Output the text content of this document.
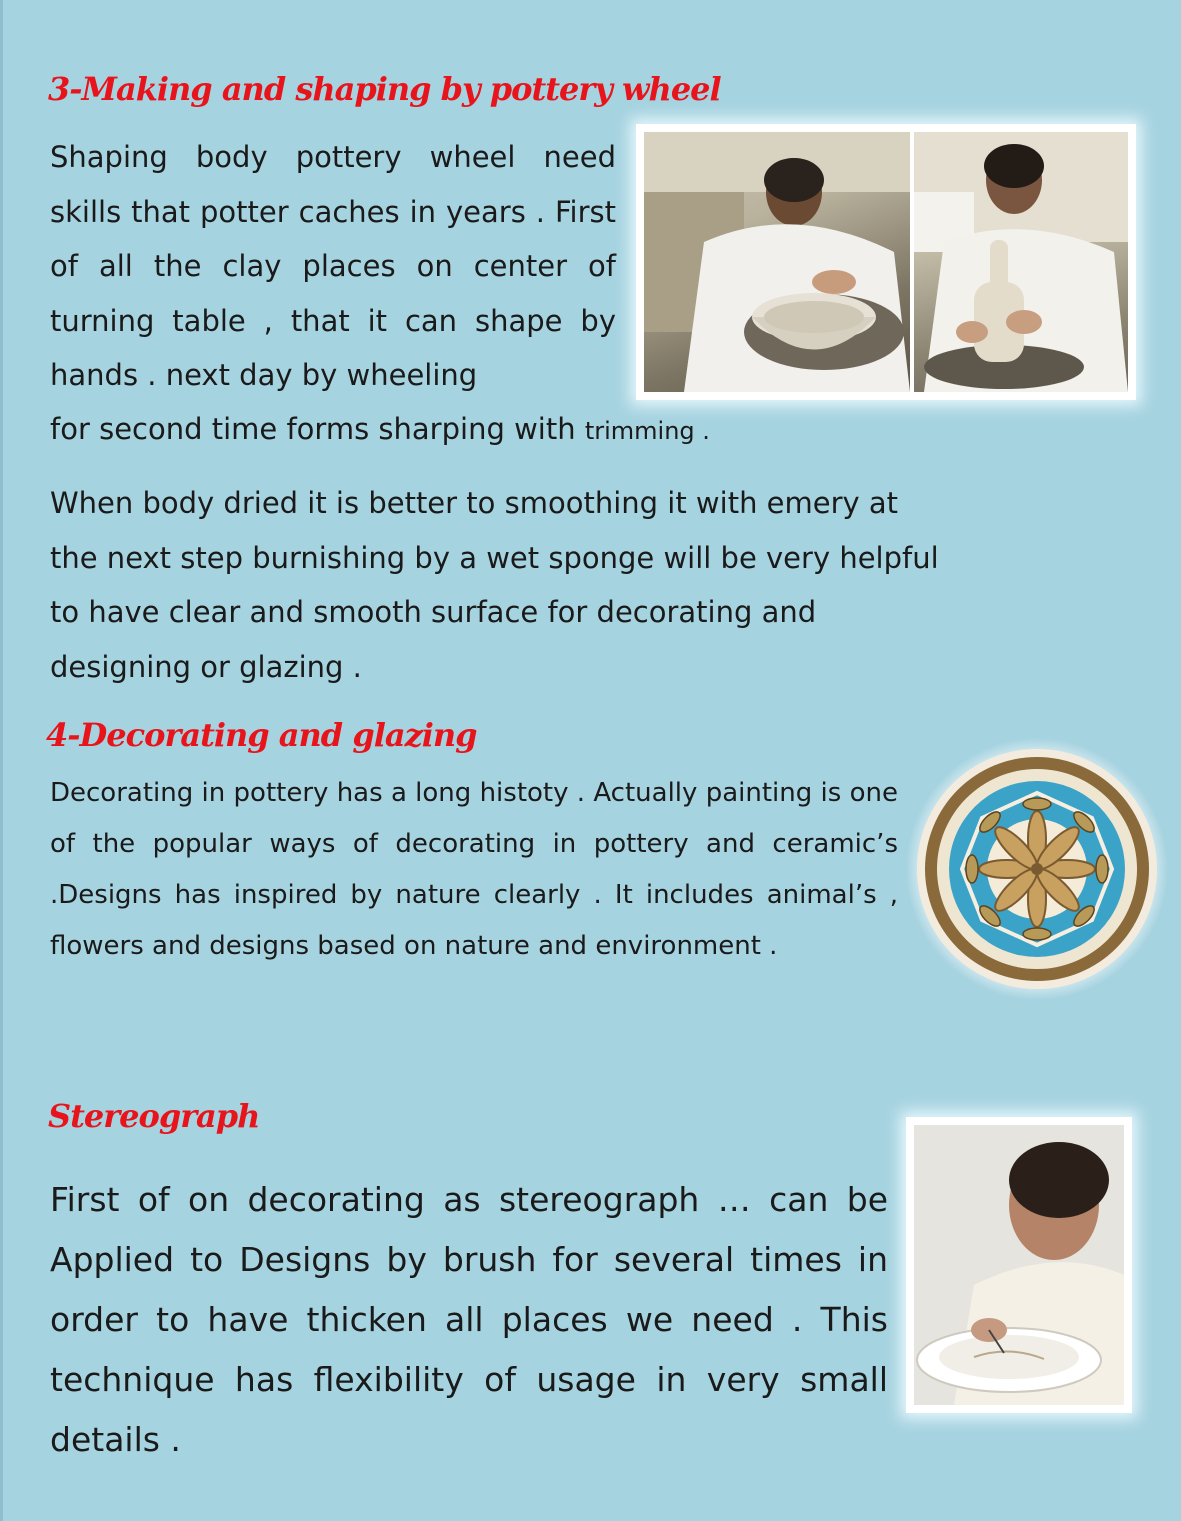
3-Making and shaping by pottery wheel

Shaping body pottery wheel need skills that potter caches in years . First of all the clay places on center of turning table , that it can shape by hands . next day by wheeling

for second time forms sharping with trimming .

When body dried it is better to smoothing it with emery at the next step burnishing by a wet sponge will be very helpful to have clear and smooth surface for decorating and designing or glazing .

4-Decorating and glazing

Decorating in pottery has a long histoty . Actually painting is one of the popular ways of decorating in pottery and ceramic’s .Designs has inspired by nature clearly . It includes animal’s , flowers and designs based on nature and environment .

Stereograph

First of on decorating as stereograph … can be Applied to Designs by brush for several times in order to have thicken all places we need . This technique has flexibility of usage in very small details .
